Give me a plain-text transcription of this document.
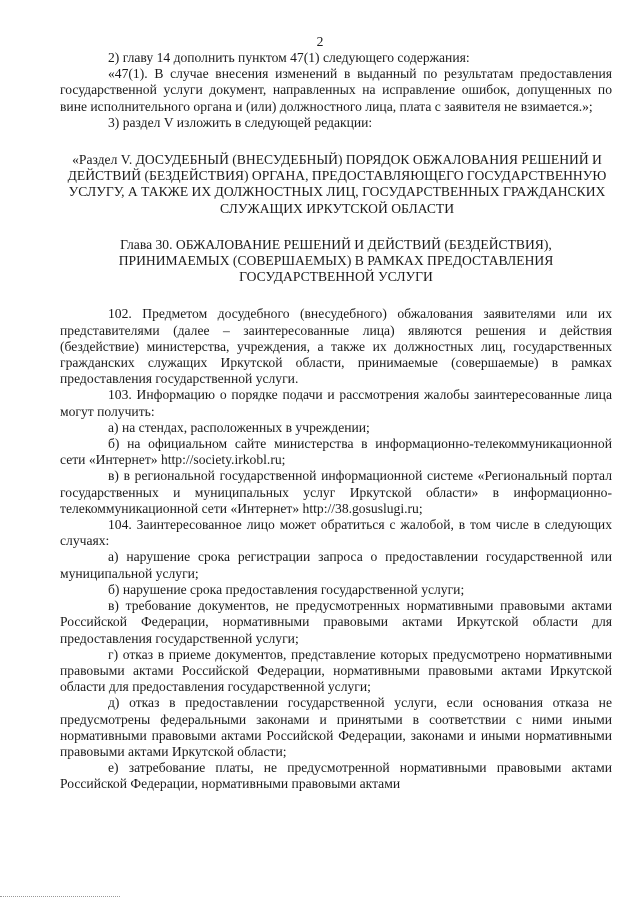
2

2) главу 14 дополнить пунктом 47(1) следующего содержания:

«47(1). В случае внесения изменений в выданный по результатам предоставления государственной услуги документ, направленных на исправление ошибок, допущенных по вине исполнительного органа и (или) должностного лица, плата с заявителя не взимается.»;

3) раздел V изложить в следующей редакции:

«Раздел V. ДОСУДЕБНЫЙ (ВНЕСУДЕБНЫЙ) ПОРЯДОК ОБЖАЛОВАНИЯ РЕШЕНИЙ И ДЕЙСТВИЙ (БЕЗДЕЙСТВИЯ) ОРГАНА, ПРЕДОСТАВЛЯЮЩЕГО ГОСУДАРСТВЕННУЮ УСЛУГУ, А ТАКЖЕ ИХ ДОЛЖНОСТНЫХ ЛИЦ, ГОСУДАРСТВЕННЫХ ГРАЖДАНСКИХ СЛУЖАЩИХ ИРКУТСКОЙ ОБЛАСТИ

Глава 30. ОБЖАЛОВАНИЕ РЕШЕНИЙ И ДЕЙСТВИЙ (БЕЗДЕЙСТВИЯ), ПРИНИМАЕМЫХ (СОВЕРШАЕМЫХ) В РАМКАХ ПРЕДОСТАВЛЕНИЯ ГОСУДАРСТВЕННОЙ УСЛУГИ

102. Предметом досудебного (внесудебного) обжалования заявителями или их представителями (далее – заинтересованные лица) являются решения и действия (бездействие) министерства, учреждения, а также их должностных лиц, государственных гражданских служащих Иркутской области, принимаемые (совершаемые) в рамках предоставления государственной услуги.

103. Информацию о порядке подачи и рассмотрения жалобы заинтересованные лица могут получить:

а) на стендах, расположенных в учреждении;

б) на официальном сайте министерства в информационно-телекоммуникационной сети «Интернет» http://society.irkobl.ru;

в) в региональной государственной информационной системе «Региональный портал государственных и муниципальных услуг Иркутской области» в информационно-телекоммуникационной сети «Интернет» http://38.gosuslugi.ru;

104. Заинтересованное лицо может обратиться с жалобой, в том числе в следующих случаях:

а) нарушение срока регистрации запроса о предоставлении государственной или муниципальной услуги;

б) нарушение срока предоставления государственной услуги;

в) требование документов, не предусмотренных нормативными правовыми актами Российской Федерации, нормативными правовыми актами Иркутской области для предоставления государственной услуги;

г) отказ в приеме документов, представление которых предусмотрено нормативными правовыми актами Российской Федерации, нормативными правовыми актами Иркутской области для предоставления государственной услуги;

д) отказ в предоставлении государственной услуги, если основания отказа не предусмотрены федеральными законами и принятыми в соответствии с ними иными нормативными правовыми актами Российской Федерации, законами и иными нормативными правовыми актами Иркутской области;

е) затребование платы, не предусмотренной нормативными правовыми актами Российской Федерации, нормативными правовыми актами
